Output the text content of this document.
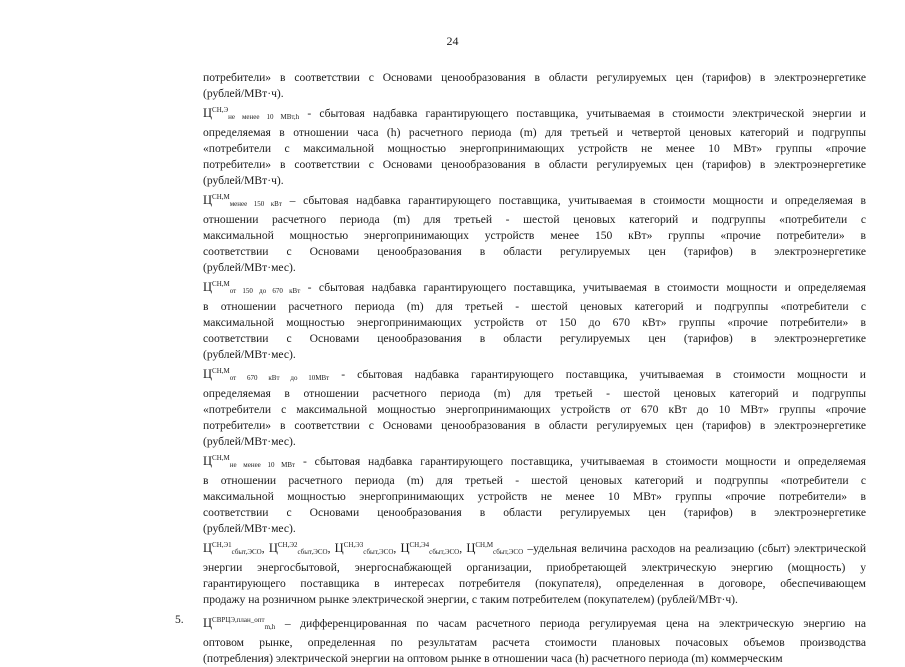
24
потребители» в соответствии с Основами ценообразования в области регулируемых цен (тарифов) в электроэнергетике
(рублей/МВт·ч).
$Ц^{СН,Э}_{не менее 10 МВт,h}$ - сбытовая надбавка гарантирующего поставщика, учитываемая в стоимости электрической энергии и
определяемая в отношении часа (h) расчетного периода (m) для третьей и четвертой ценовых категорий и подгруппы
«потребители с максимальной мощностью энергопринимающих устройств не менее 10 МВт» группы «прочие
потребители» в соответствии с Основами ценообразования в области регулируемых цен (тарифов) в электроэнергетике
(рублей/МВт·ч).
$Ц^{СН,М}_{менее 150 кВт}$ – сбытовая надбавка гарантирующего поставщика, учитываемая в стоимости мощности и определяемая в
отношении расчетного периода (m) для третьей - шестой ценовых категорий и подгруппы «потребители с
максимальной мощностью энергопринимающих устройств менее 150 кВт» группы «прочие потребители» в
соответствии с Основами ценообразования в области регулируемых цен (тарифов) в электроэнергетике
(рублей/МВт·мес).
$Ц^{СН,М}_{от 150 до 670 кВт}$ - сбытовая надбавка гарантирующего поставщика, учитываемая в стоимости мощности и определяемая
в отношении расчетного периода (m) для третьей - шестой ценовых категорий и подгруппы «потребители с
максимальной мощностью энергопринимающих устройств от 150 до 670 кВт» группы «прочие потребители» в
соответствии с Основами ценообразования в области регулируемых цен (тарифов) в электроэнергетике
(рублей/МВт·мес).
$Ц^{СН,М}_{от 670 кВт до 10МВт}$ - сбытовая надбавка гарантирующего поставщика, учитываемая в стоимости мощности и
определяемая в отношении расчетного периода (m) для третьей - шестой ценовых категорий и подгруппы
«потребители с максимальной мощностью энергопринимающих устройств от 670 кВт до 10 МВт» группы «прочие
потребители» в соответствии с Основами ценообразования в области регулируемых цен (тарифов) в электроэнергетике
(рублей/МВт·мес).
$Ц^{СН,М}_{не менее 10 МВт}$ - сбытовая надбавка гарантирующего поставщика, учитываемая в стоимости мощности и определяемая
в отношении расчетного периода (m) для третьей - шестой ценовых категорий и подгруппы «потребители с
максимальной мощностью энергопринимающих устройств не менее 10 МВт» группы «прочие потребители» в
соответствии с Основами ценообразования в области регулируемых цен (тарифов) в электроэнергетике
(рублей/МВт·мес).
$Ц^{СН,Э1}_{сбыт,ЭСО}$, $Ц^{СН,Э2}_{сбыт,ЭСО}$, $Ц^{СН,Э3}_{сбыт,ЭСО}$, $Ц^{СН,Э4}_{сбыт,ЭСО}$, $Ц^{СН,М}_{сбыт,ЭСО}$ –удельная величина расходов на реализацию (сбыт) электрической
энергии энергосбытовой, энергоснабжающей организации, приобретающей электрическую энергию (мощность) у
гарантирующего поставщика в интересах потребителя (покупателя), определенная в договоре, обеспечивающем
продажу на розничном рынке электрической энергии, с таким потребителем (покупателем) (рублей/МВт·ч).
5. $Ц^{СВРЦЭ,план\_опт}_{m,h}$ – дифференцированная по часам расчетного периода регулируемая цена на электрическую энергию на
оптовом рынке, определенная по результатам расчета стоимости плановых почасовых объемов производства
(потребления) электрической энергии на оптовом рынке в отношении часа (h) расчетного периода (m) коммерческим
